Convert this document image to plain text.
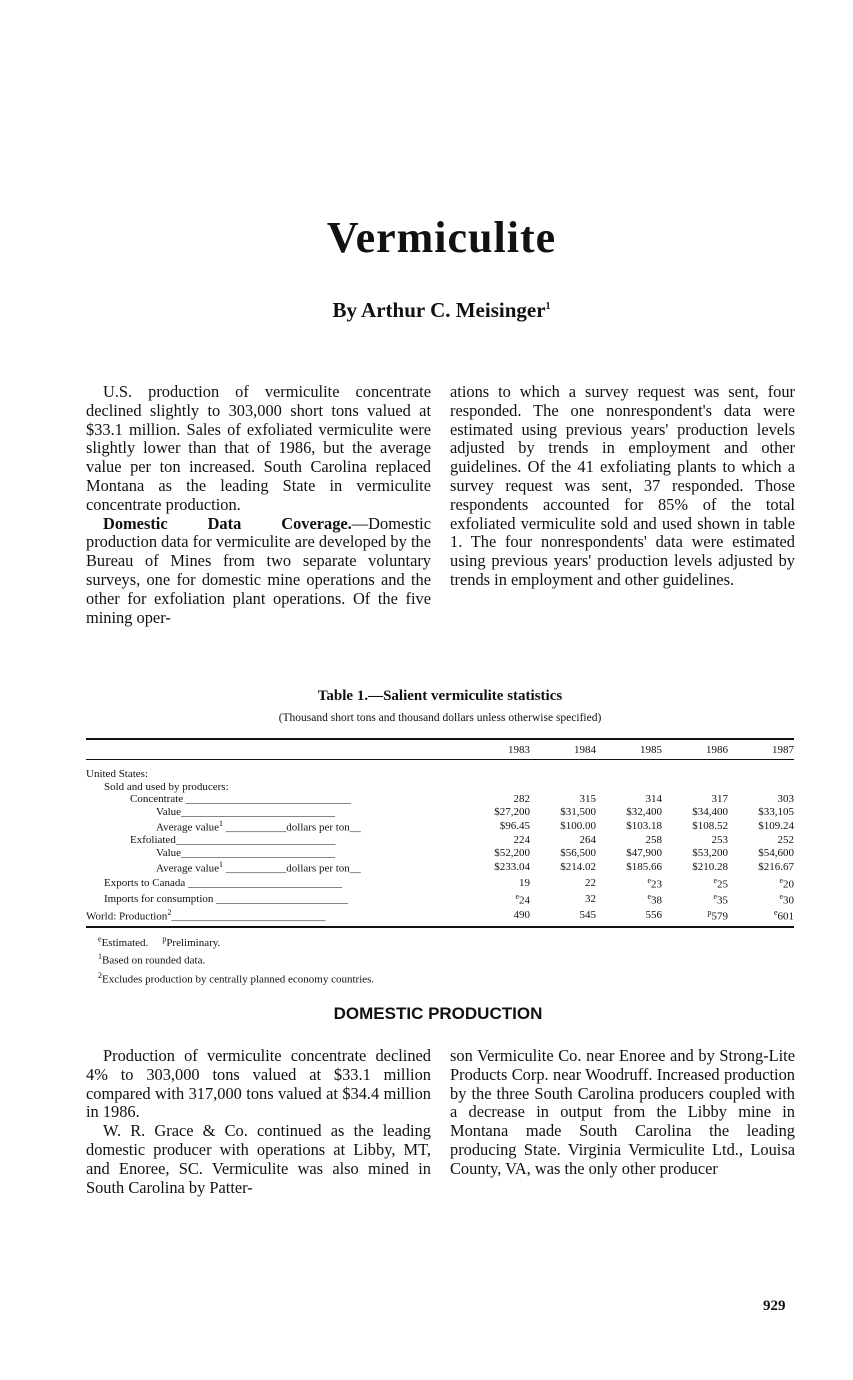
Vermiculite
By Arthur C. Meisinger$^1$

U.S. production of vermiculite concentrate declined slightly to 303,000 short tons valued at $33.1 million. Sales of exfoliated vermiculite were slightly lower than that of 1986, but the average value per ton increased. South Carolina replaced Montana as the leading State in vermiculite concentrate production.

Domestic Data Coverage.—Domestic production data for vermiculite are developed by the Bureau of Mines from two separate voluntary surveys, one for domestic mine operations and the other for exfoliation plant operations. Of the five mining oper-

ations to which a survey request was sent, four responded. The one nonrespondent's data were estimated using previous years' production levels adjusted by trends in employment and other guidelines. Of the 41 exfoliating plants to which a survey request was sent, 37 responded. Those respondents accounted for 85% of the total exfoliated vermiculite sold and used shown in table 1. The four nonrespondents' data were estimated using previous years' production levels adjusted by trends in employment and other guidelines.

Table 1.—Salient vermiculite statistics
(Thousand short tons and thousand dollars unless otherwise specified)
	1983	1984	1985	1986	1987
United States:					
Sold and used by producers:					
Concentrate ______________________________	282	315	314	317	303
Value____________________________	$27,200	$31,500	$32,400	$34,400	$33,105
Average value$^1$ ___________dollars per ton__	$96.45	$100.00	$103.18	$108.52	$109.24
Exfoliated_____________________________	224	264	258	253	252
Value____________________________	$52,200	$56,500	$47,900	$53,200	$54,600
Average value$^1$ ___________dollars per ton__	$233.04	$214.02	$185.66	$210.28	$216.67
Exports to Canada ____________________________	19	22	$^e$23	$^e$25	$^e$20
Imports for consumption ________________________	$^e$24	32	$^e$38	$^e$35	$^e$30
World: Production$^2$____________________________	490	545	556	$^p$579	$^e$601
$^e$Estimated. $^p$Preliminary.
$^1$Based on rounded data.
$^2$Excludes production by centrally planned economy countries.
DOMESTIC PRODUCTION

Production of vermiculite concentrate declined 4% to 303,000 tons valued at $33.1 million compared with 317,000 tons valued at $34.4 million in 1986.

W. R. Grace & Co. continued as the leading domestic producer with operations at Libby, MT, and Enoree, SC. Vermiculite was also mined in South Carolina by Patter-

son Vermiculite Co. near Enoree and by Strong-Lite Products Corp. near Woodruff. Increased production by the three South Carolina producers coupled with a decrease in output from the Libby mine in Montana made South Carolina the leading producing State. Virginia Vermiculite Ltd., Louisa County, VA, was the only other producer

929
